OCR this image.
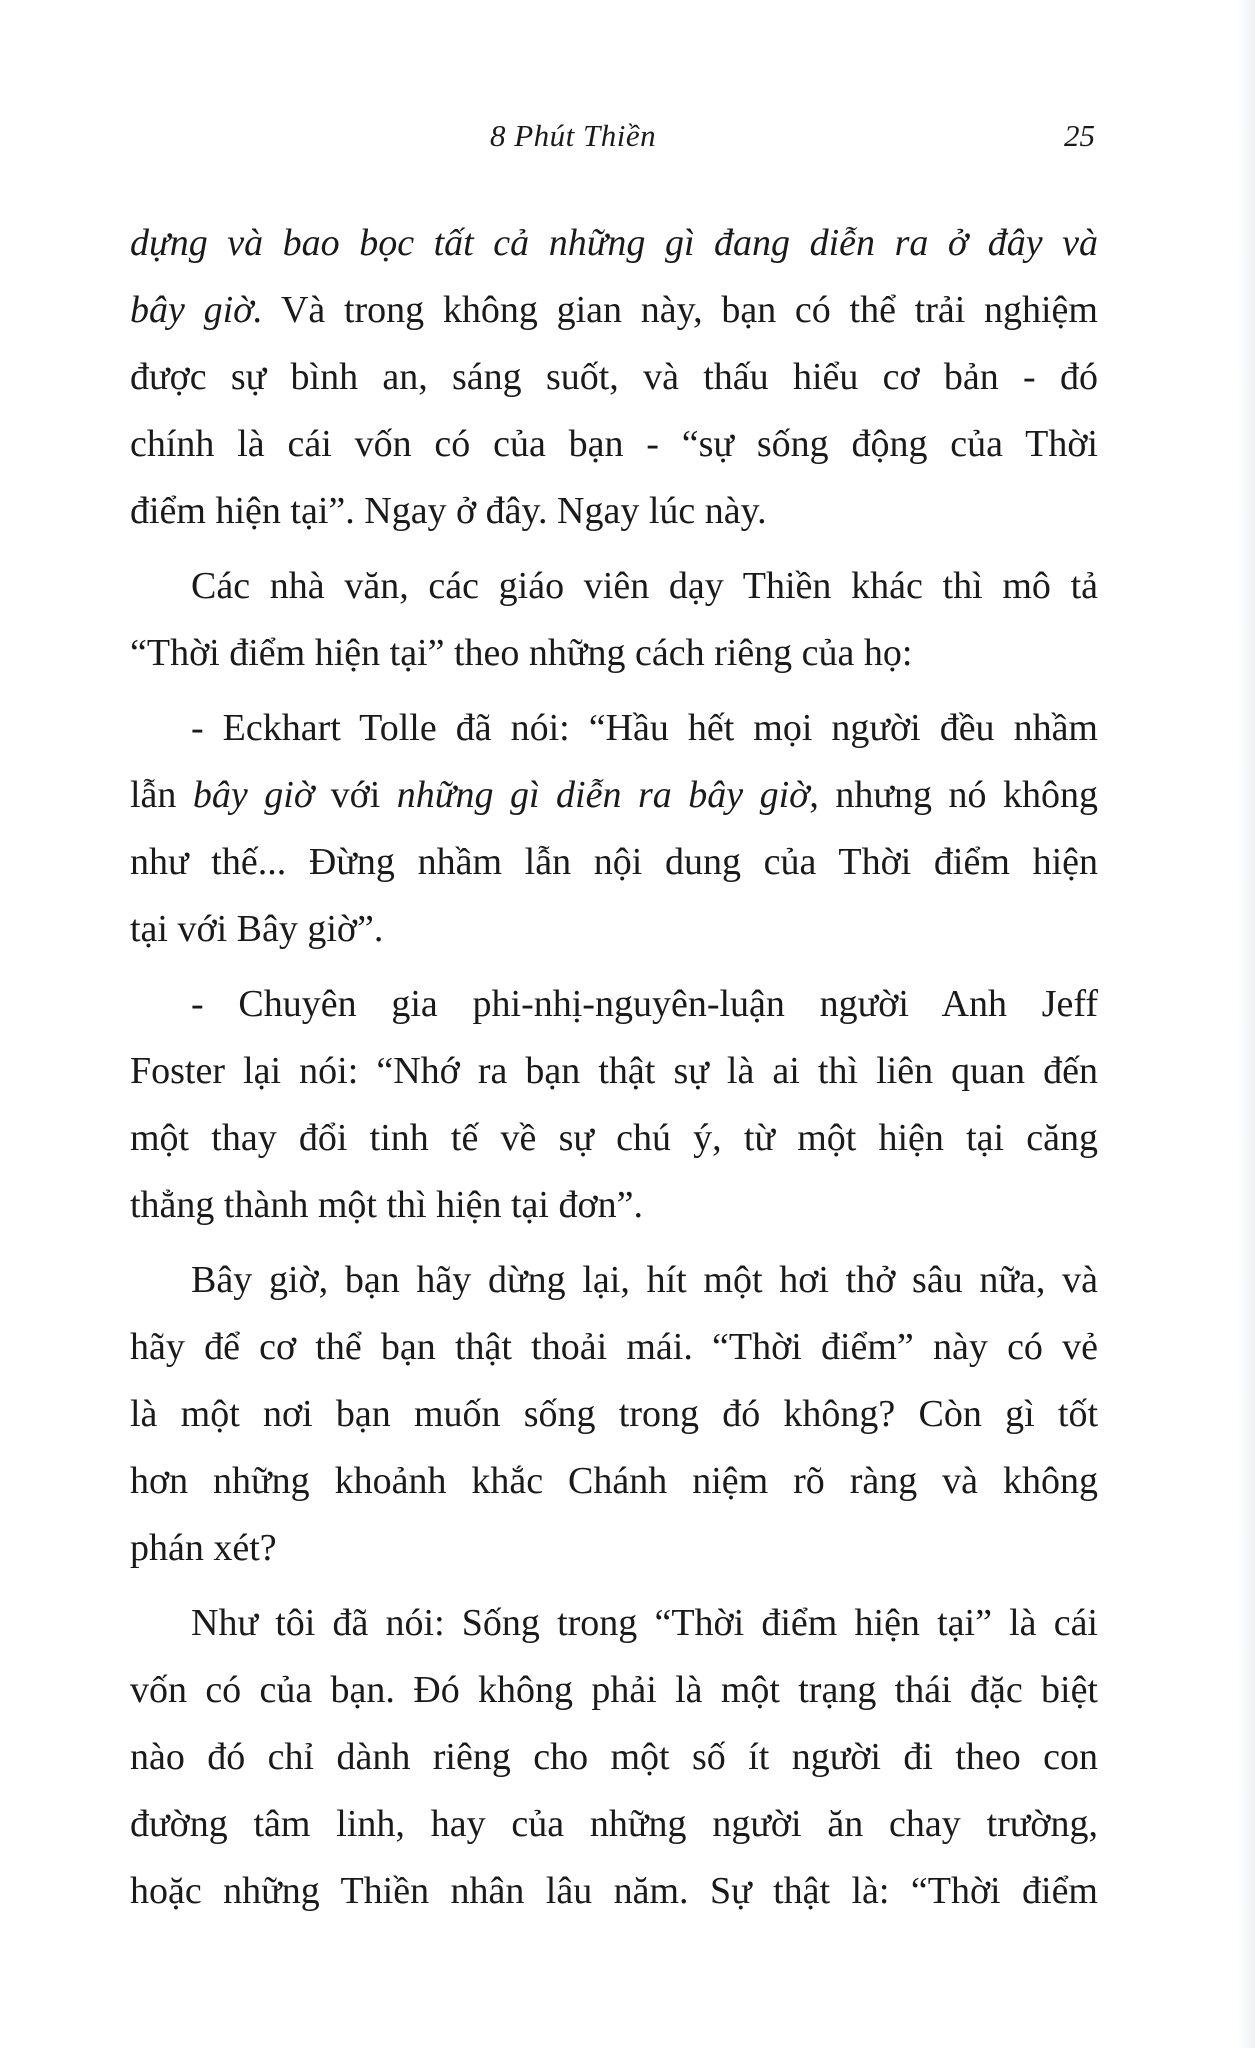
8 Phút Thiền	25

dựng và bao bọc tất cả những gì đang diễn ra ở đây và
bây giờ. Và trong không gian này, bạn có thể trải nghiệm
được sự bình an, sáng suốt, và thấu hiểu cơ bản - đó
chính là cái vốn có của bạn - “sự sống động của Thời
điểm hiện tại”. Ngay ở đây. Ngay lúc này.

Các nhà văn, các giáo viên dạy Thiền khác thì mô tả
“Thời điểm hiện tại” theo những cách riêng của họ:

- Eckhart Tolle đã nói: “Hầu hết mọi người đều nhầm
lẫn bây giờ với những gì diễn ra bây giờ, nhưng nó không
như thế... Đừng nhầm lẫn nội dung của Thời điểm hiện
tại với Bây giờ”.

- Chuyên gia phi-nhị-nguyên-luận người Anh Jeff
Foster lại nói: “Nhớ ra bạn thật sự là ai thì liên quan đến
một thay đổi tinh tế về sự chú ý, từ một hiện tại căng
thẳng thành một thì hiện tại đơn”.

Bây giờ, bạn hãy dừng lại, hít một hơi thở sâu nữa, và
hãy để cơ thể bạn thật thoải mái. “Thời điểm” này có vẻ
là một nơi bạn muốn sống trong đó không? Còn gì tốt
hơn những khoảnh khắc Chánh niệm rõ ràng và không
phán xét?

Như tôi đã nói: Sống trong “Thời điểm hiện tại” là cái
vốn có của bạn. Đó không phải là một trạng thái đặc biệt
nào đó chỉ dành riêng cho một số ít người đi theo con
đường tâm linh, hay của những người ăn chay trường,
hoặc những Thiền nhân lâu năm. Sự thật là: “Thời điểm
